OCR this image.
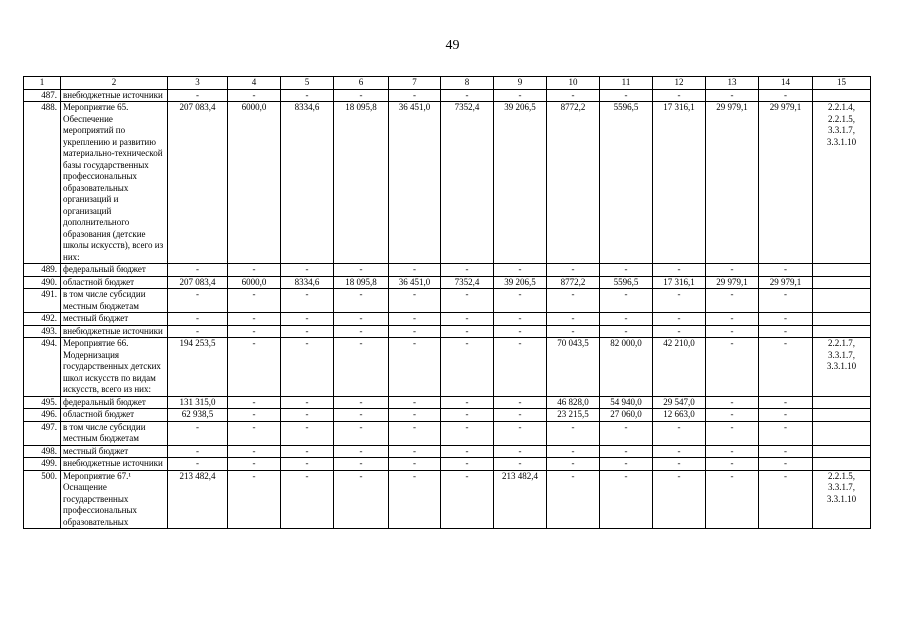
49
1	2	3	4	5	6	7	8	9	10	11	12	13	14	15
487.	внебюджетные источники	-	-	-	-	-	-	-	-	-	-	-	-	
488.	Мероприятие 65. Обеспечение мероприятий по укреплению и развитию материально-технической базы государственных профессиональных образовательных организаций и организаций дополнительного образования (детские школы искусств), всего из них:	207 083,4	6000,0	8334,6	18 095,8	36 451,0	7352,4	39 206,5	8772,2	5596,5	17 316,1	29 979,1	29 979,1	2.2.1.4, 2.2.1.5, 3.3.1.7, 3.3.1.10
489.	федеральный бюджет	-	-	-	-	-	-	-	-	-	-	-	-	
490.	областной бюджет	207 083,4	6000,0	8334,6	18 095,8	36 451,0	7352,4	39 206,5	8772,2	5596,5	17 316,1	29 979,1	29 979,1	
491.	в том числе субсидии местным бюджетам	-	-	-	-	-	-	-	-	-	-	-	-	
492.	местный бюджет	-	-	-	-	-	-	-	-	-	-	-	-	
493.	внебюджетные источники	-	-	-	-	-	-	-	-	-	-	-	-	
494.	Мероприятие 66. Модернизация государственных детских школ искусств по видам искусств, всего из них:	194 253,5	-	-	-	-	-	-	70 043,5	82 000,0	42 210,0	-	-	2.2.1.7, 3.3.1.7, 3.3.1.10
495.	федеральный бюджет	131 315,0	-	-	-	-	-	-	46 828,0	54 940,0	29 547,0	-	-	
496.	областной бюджет	62 938,5	-	-	-	-	-	-	23 215,5	27 060,0	12 663,0	-	-	
497.	в том числе субсидии местным бюджетам	-	-	-	-	-	-	-	-	-	-	-	-	
498.	местный бюджет	-	-	-	-	-	-	-	-	-	-	-	-	
499.	внебюджетные источники	-	-	-	-	-	-	-	-	-	-	-	-	
500.	Мероприятие 67.¹ Оснащение государственных профессиональных образовательных	213 482,4	-	-	-	-	-	213 482,4	-	-	-	-	-	2.2.1.5, 3.3.1.7, 3.3.1.10
